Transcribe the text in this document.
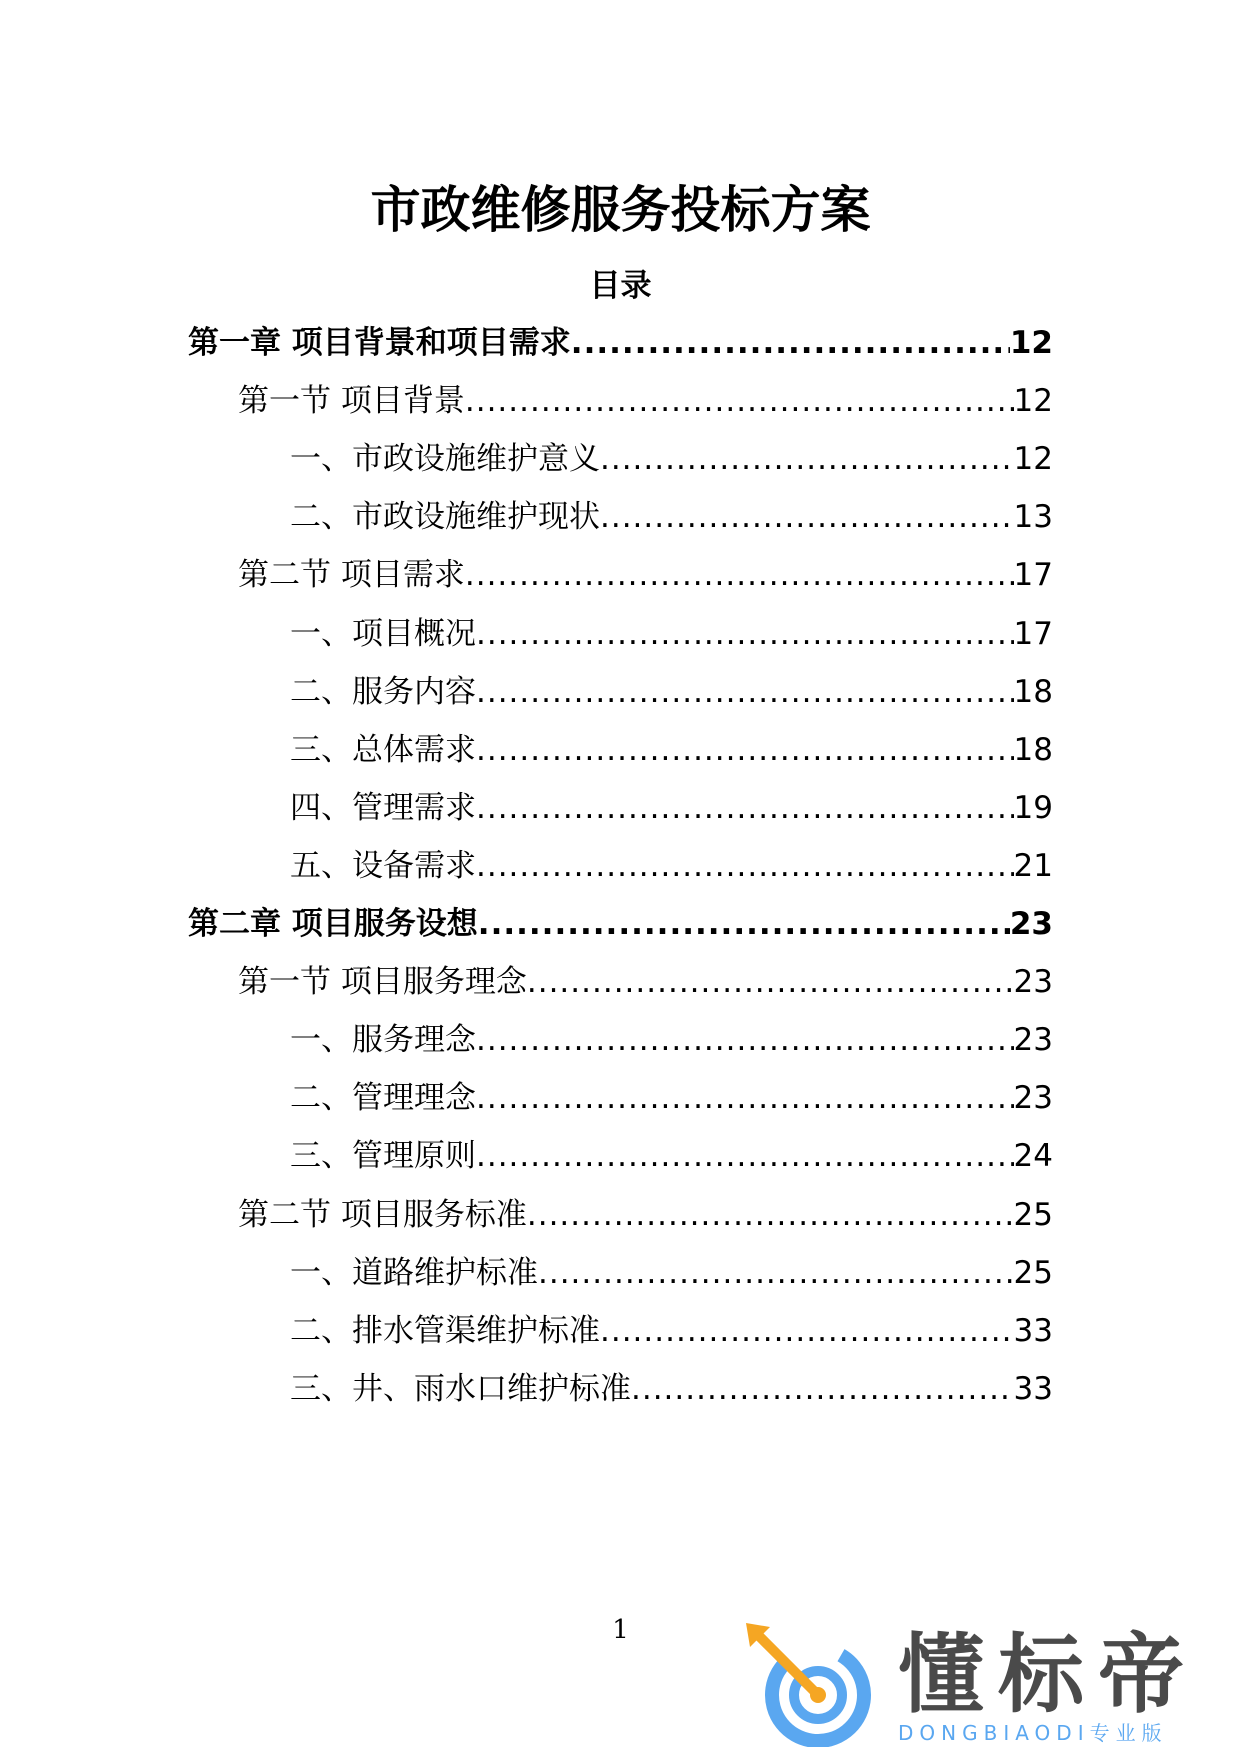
市政维修服务投标方案
目录
第一章 项目背景和项目需求 .....	12
第一节 项目背景 .....	12
一、市政设施维护意义 .....	12
二、市政设施维护现状 .....	13
第二节 项目需求 .....	17
一、项目概况 .....	17
二、服务内容 .....	18
三、总体需求 .....	18
四、管理需求 .....	19
五、设备需求 .....	21
第二章 项目服务设想 .....	23
第一节 项目服务理念 .....	23
一、服务理念 .....	23
二、管理理念 .....	23
三、管理原则 .....	24
第二节 项目服务标准 .....	25
一、道路维护标准 .....	25
二、排水管渠维护标准 .....	33
三、井、雨水口维护标准 .....	33
1	懂标帝
DONGBIAODI专业版
